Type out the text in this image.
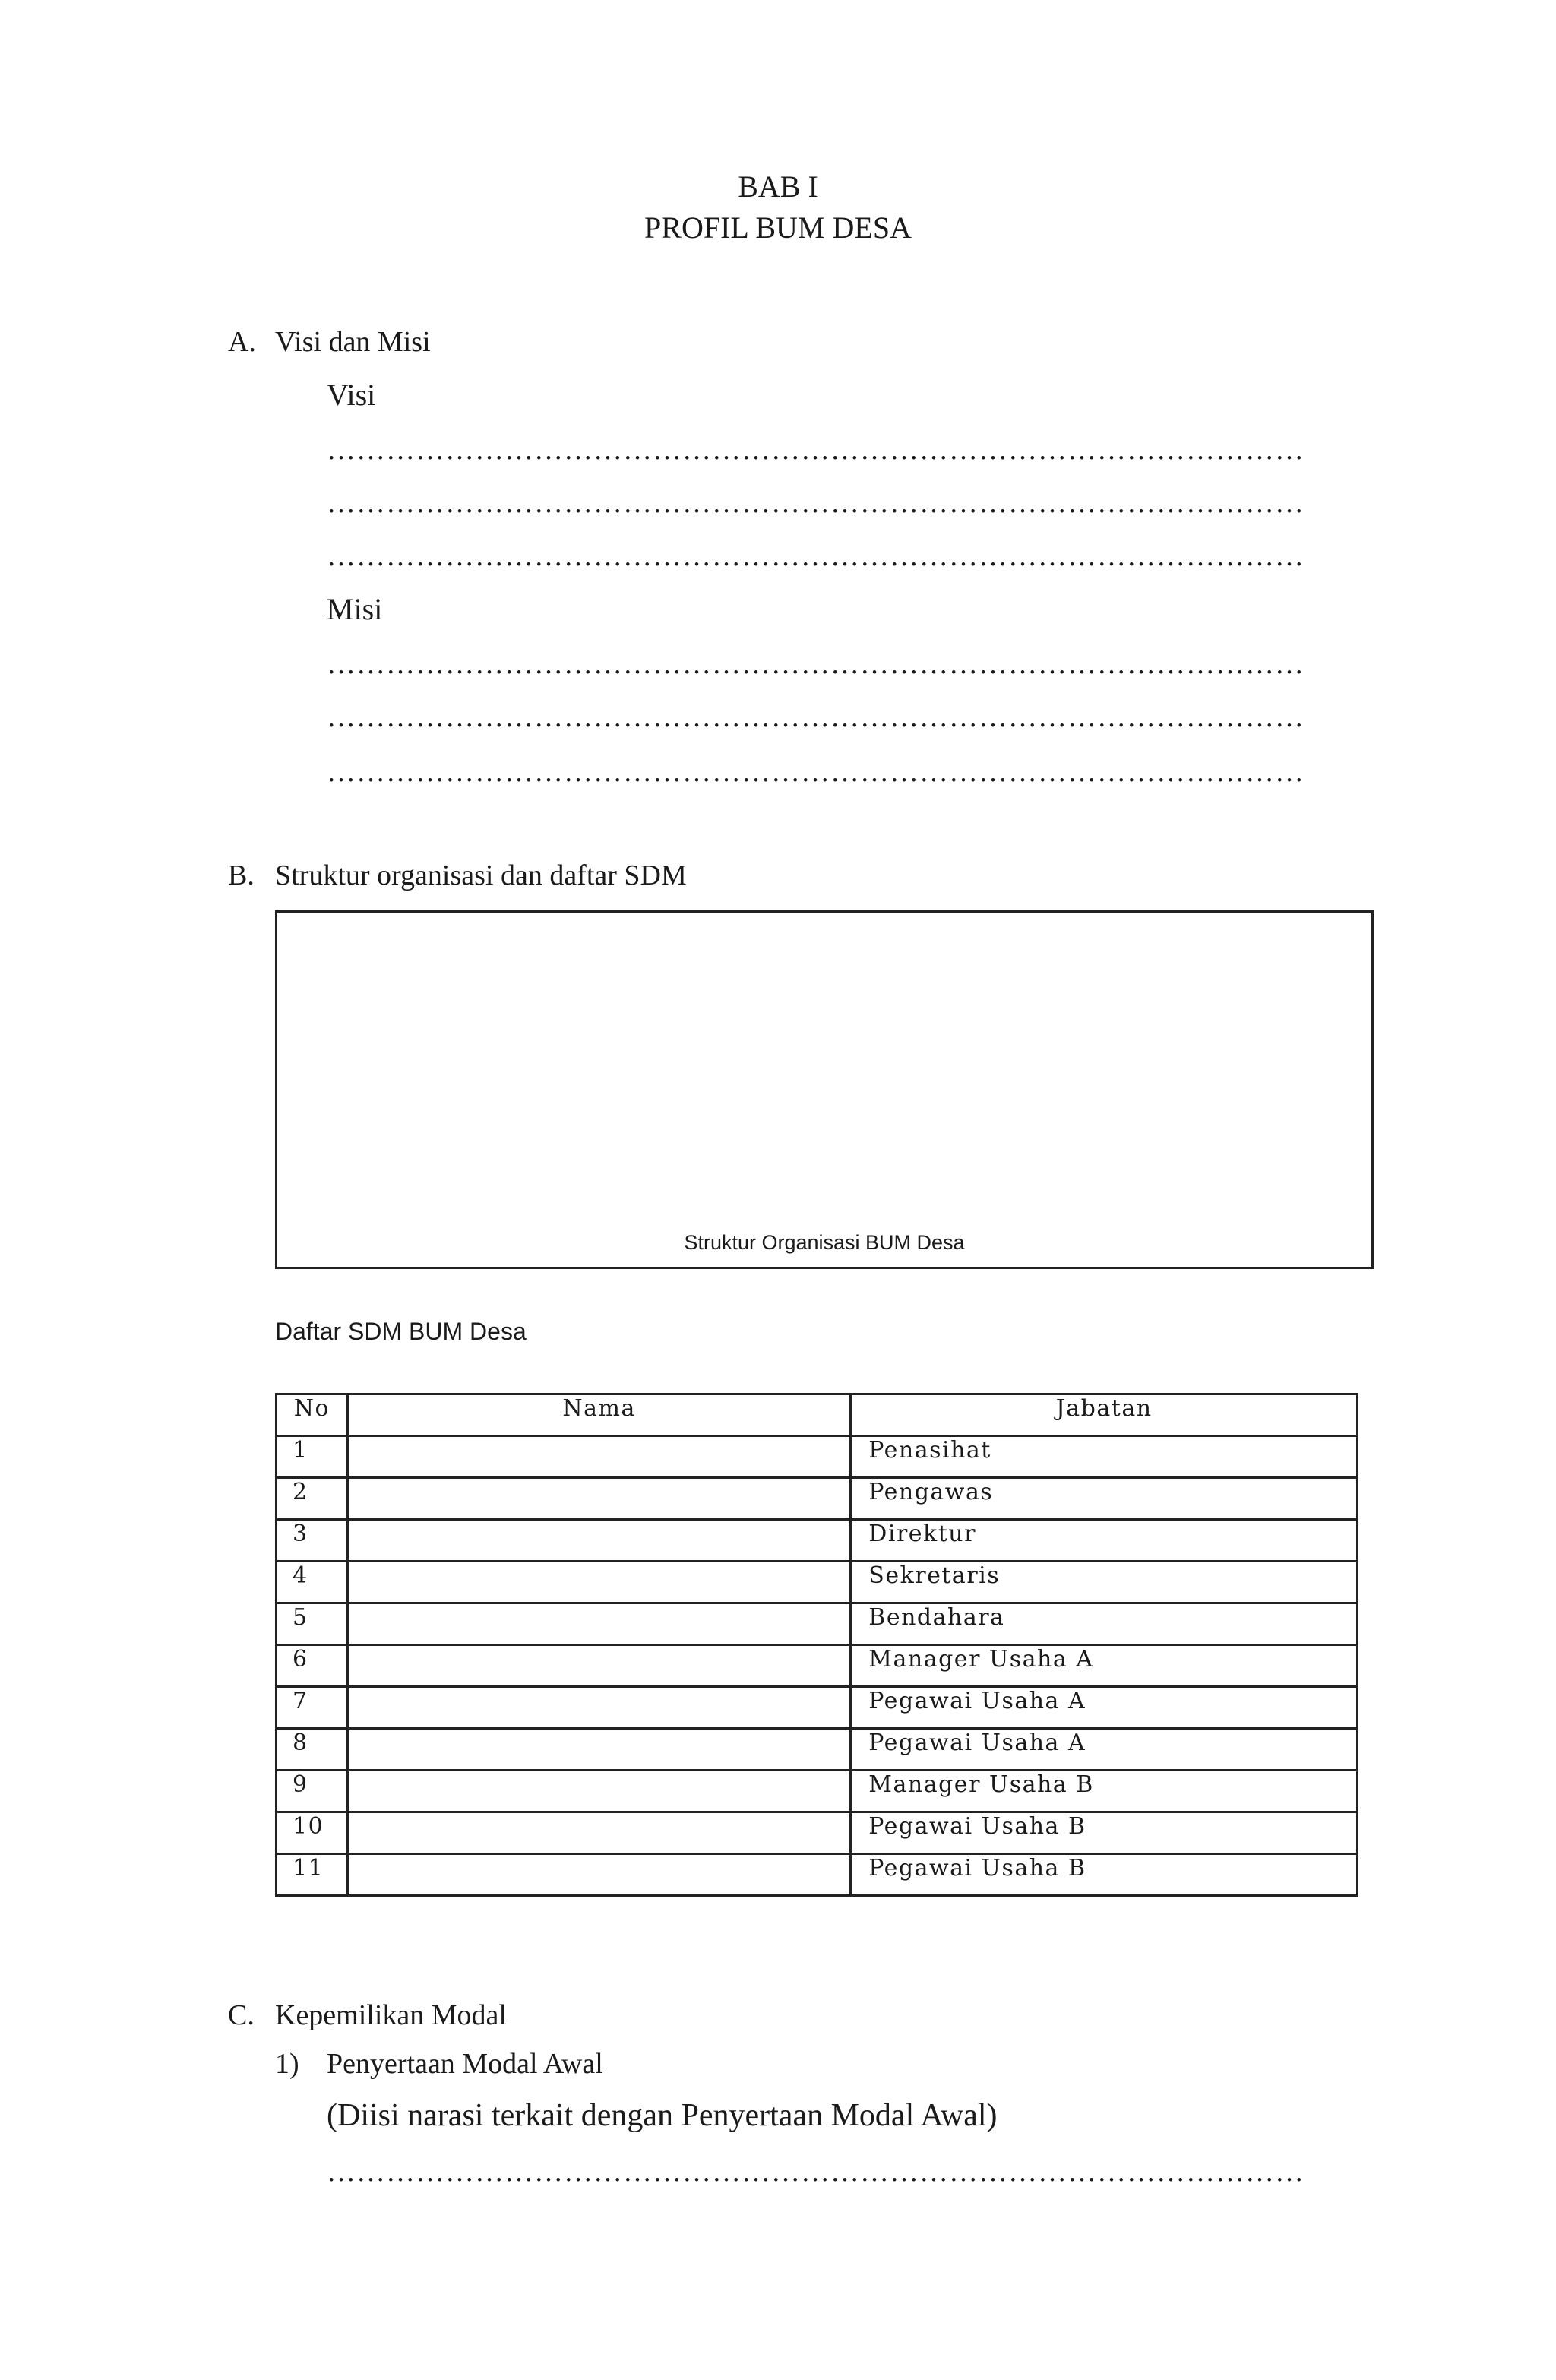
BAB I
PROFIL BUM DESA
A. Visi dan Misi
Visi
………………………………………………………………………………………
………………………………………………………………………………………
………………………………………………………………………………………
Misi
………………………………………………………………………………………
………………………………………………………………………………………
………………………………………………………………………………………
B. Struktur organisasi dan daftar SDM
Struktur Organisasi BUM Desa
Daftar SDM BUM Desa
No	Nama	Jabatan
1		Penasihat
2		Pengawas
3		Direktur
4		Sekretaris
5		Bendahara
6		Manager Usaha A
7		Pegawai Usaha A
8		Pegawai Usaha A
9		Manager Usaha B
10		Pegawai Usaha B
11		Pegawai Usaha B
C. Kepemilikan Modal
1) Penyertaan Modal Awal
(Diisi narasi terkait dengan Penyertaan Modal Awal)
………………………………………………………………………………………
